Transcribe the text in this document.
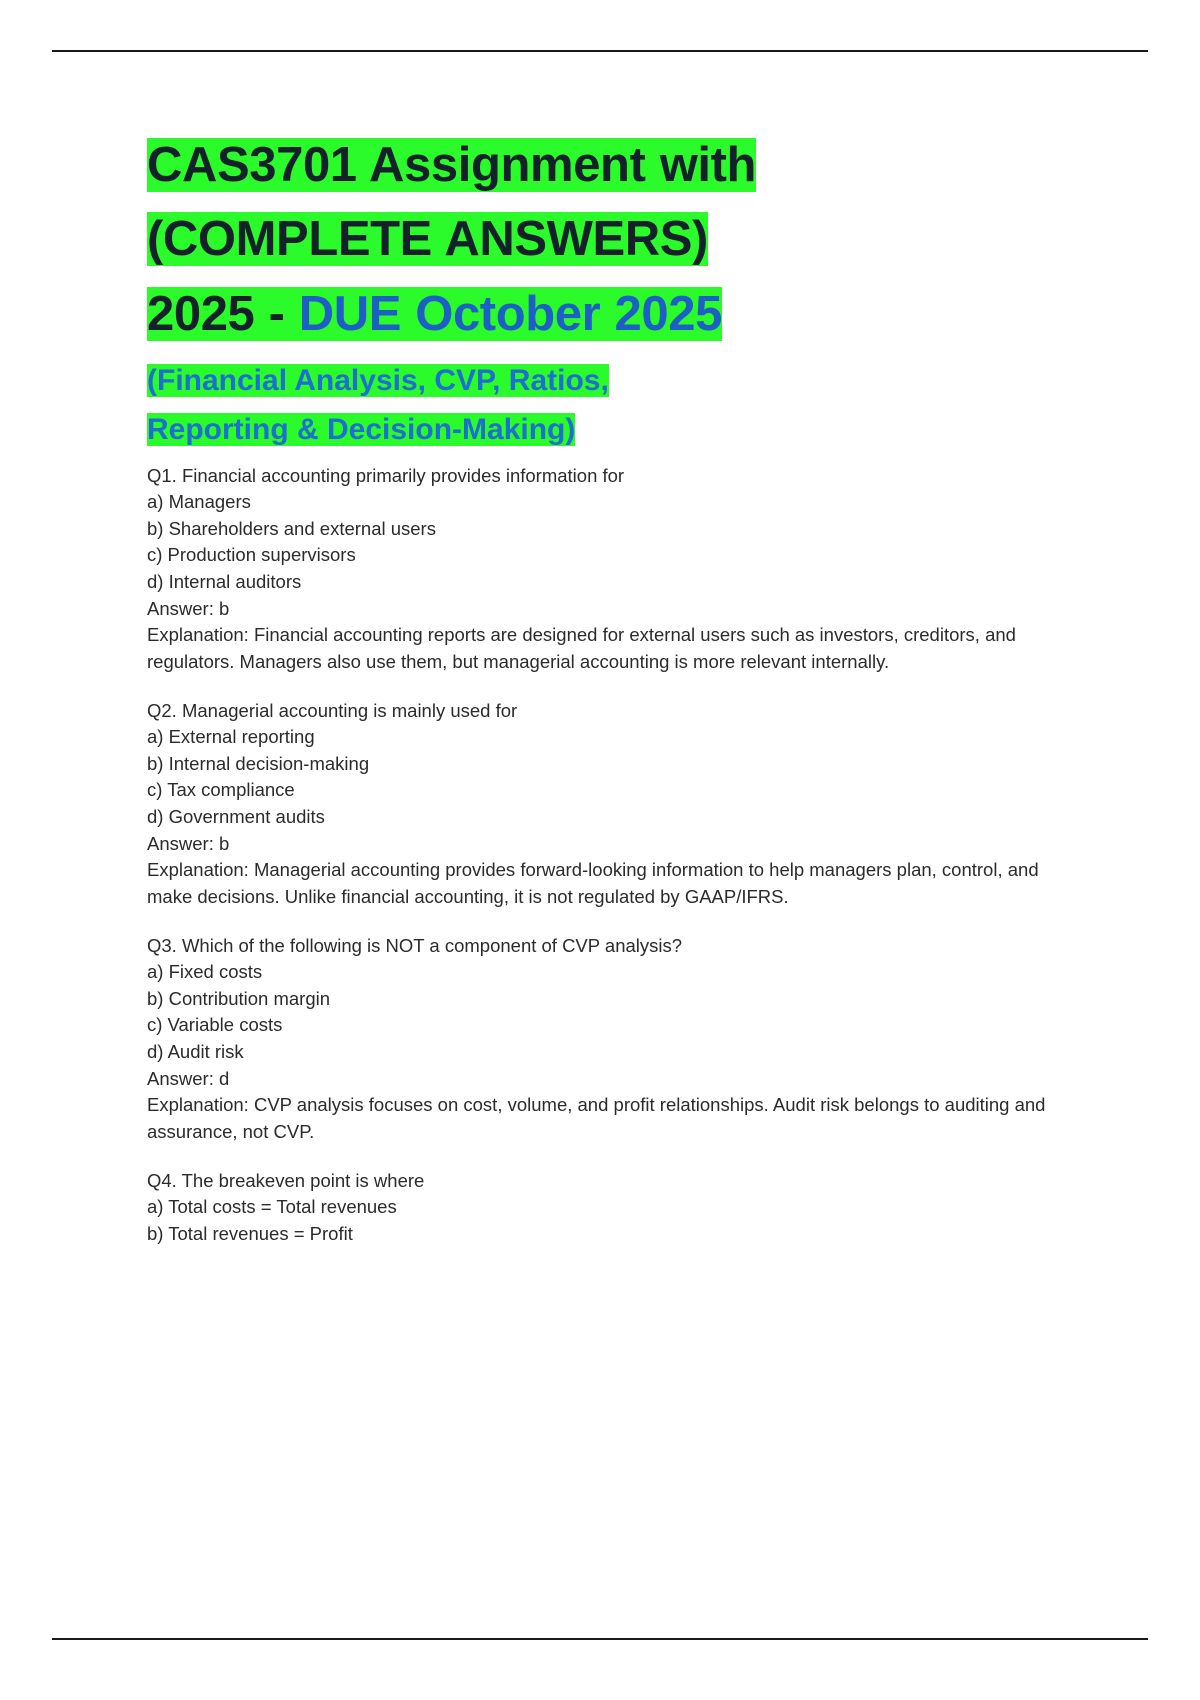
CAS3701 Assignment with
(COMPLETE ANSWERS)
2025 - DUE October 2025
(Financial Analysis, CVP, Ratios,
Reporting & Decision-Making)

Q1. Financial accounting primarily provides information for

a) Managers

b) Shareholders and external users

c) Production supervisors

d) Internal auditors

Answer: b

Explanation: Financial accounting reports are designed for external users such as investors, creditors, and regulators. Managers also use them, but managerial accounting is more relevant internally.

Q2. Managerial accounting is mainly used for

a) External reporting

b) Internal decision-making

c) Tax compliance

d) Government audits

Answer: b

Explanation: Managerial accounting provides forward-looking information to help managers plan, control, and make decisions. Unlike financial accounting, it is not regulated by GAAP/IFRS.

Q3. Which of the following is NOT a component of CVP analysis?

a) Fixed costs

b) Contribution margin

c) Variable costs

d) Audit risk

Answer: d

Explanation: CVP analysis focuses on cost, volume, and profit relationships. Audit risk belongs to auditing and assurance, not CVP.

Q4. The breakeven point is where

a) Total costs = Total revenues

b) Total revenues = Profit
